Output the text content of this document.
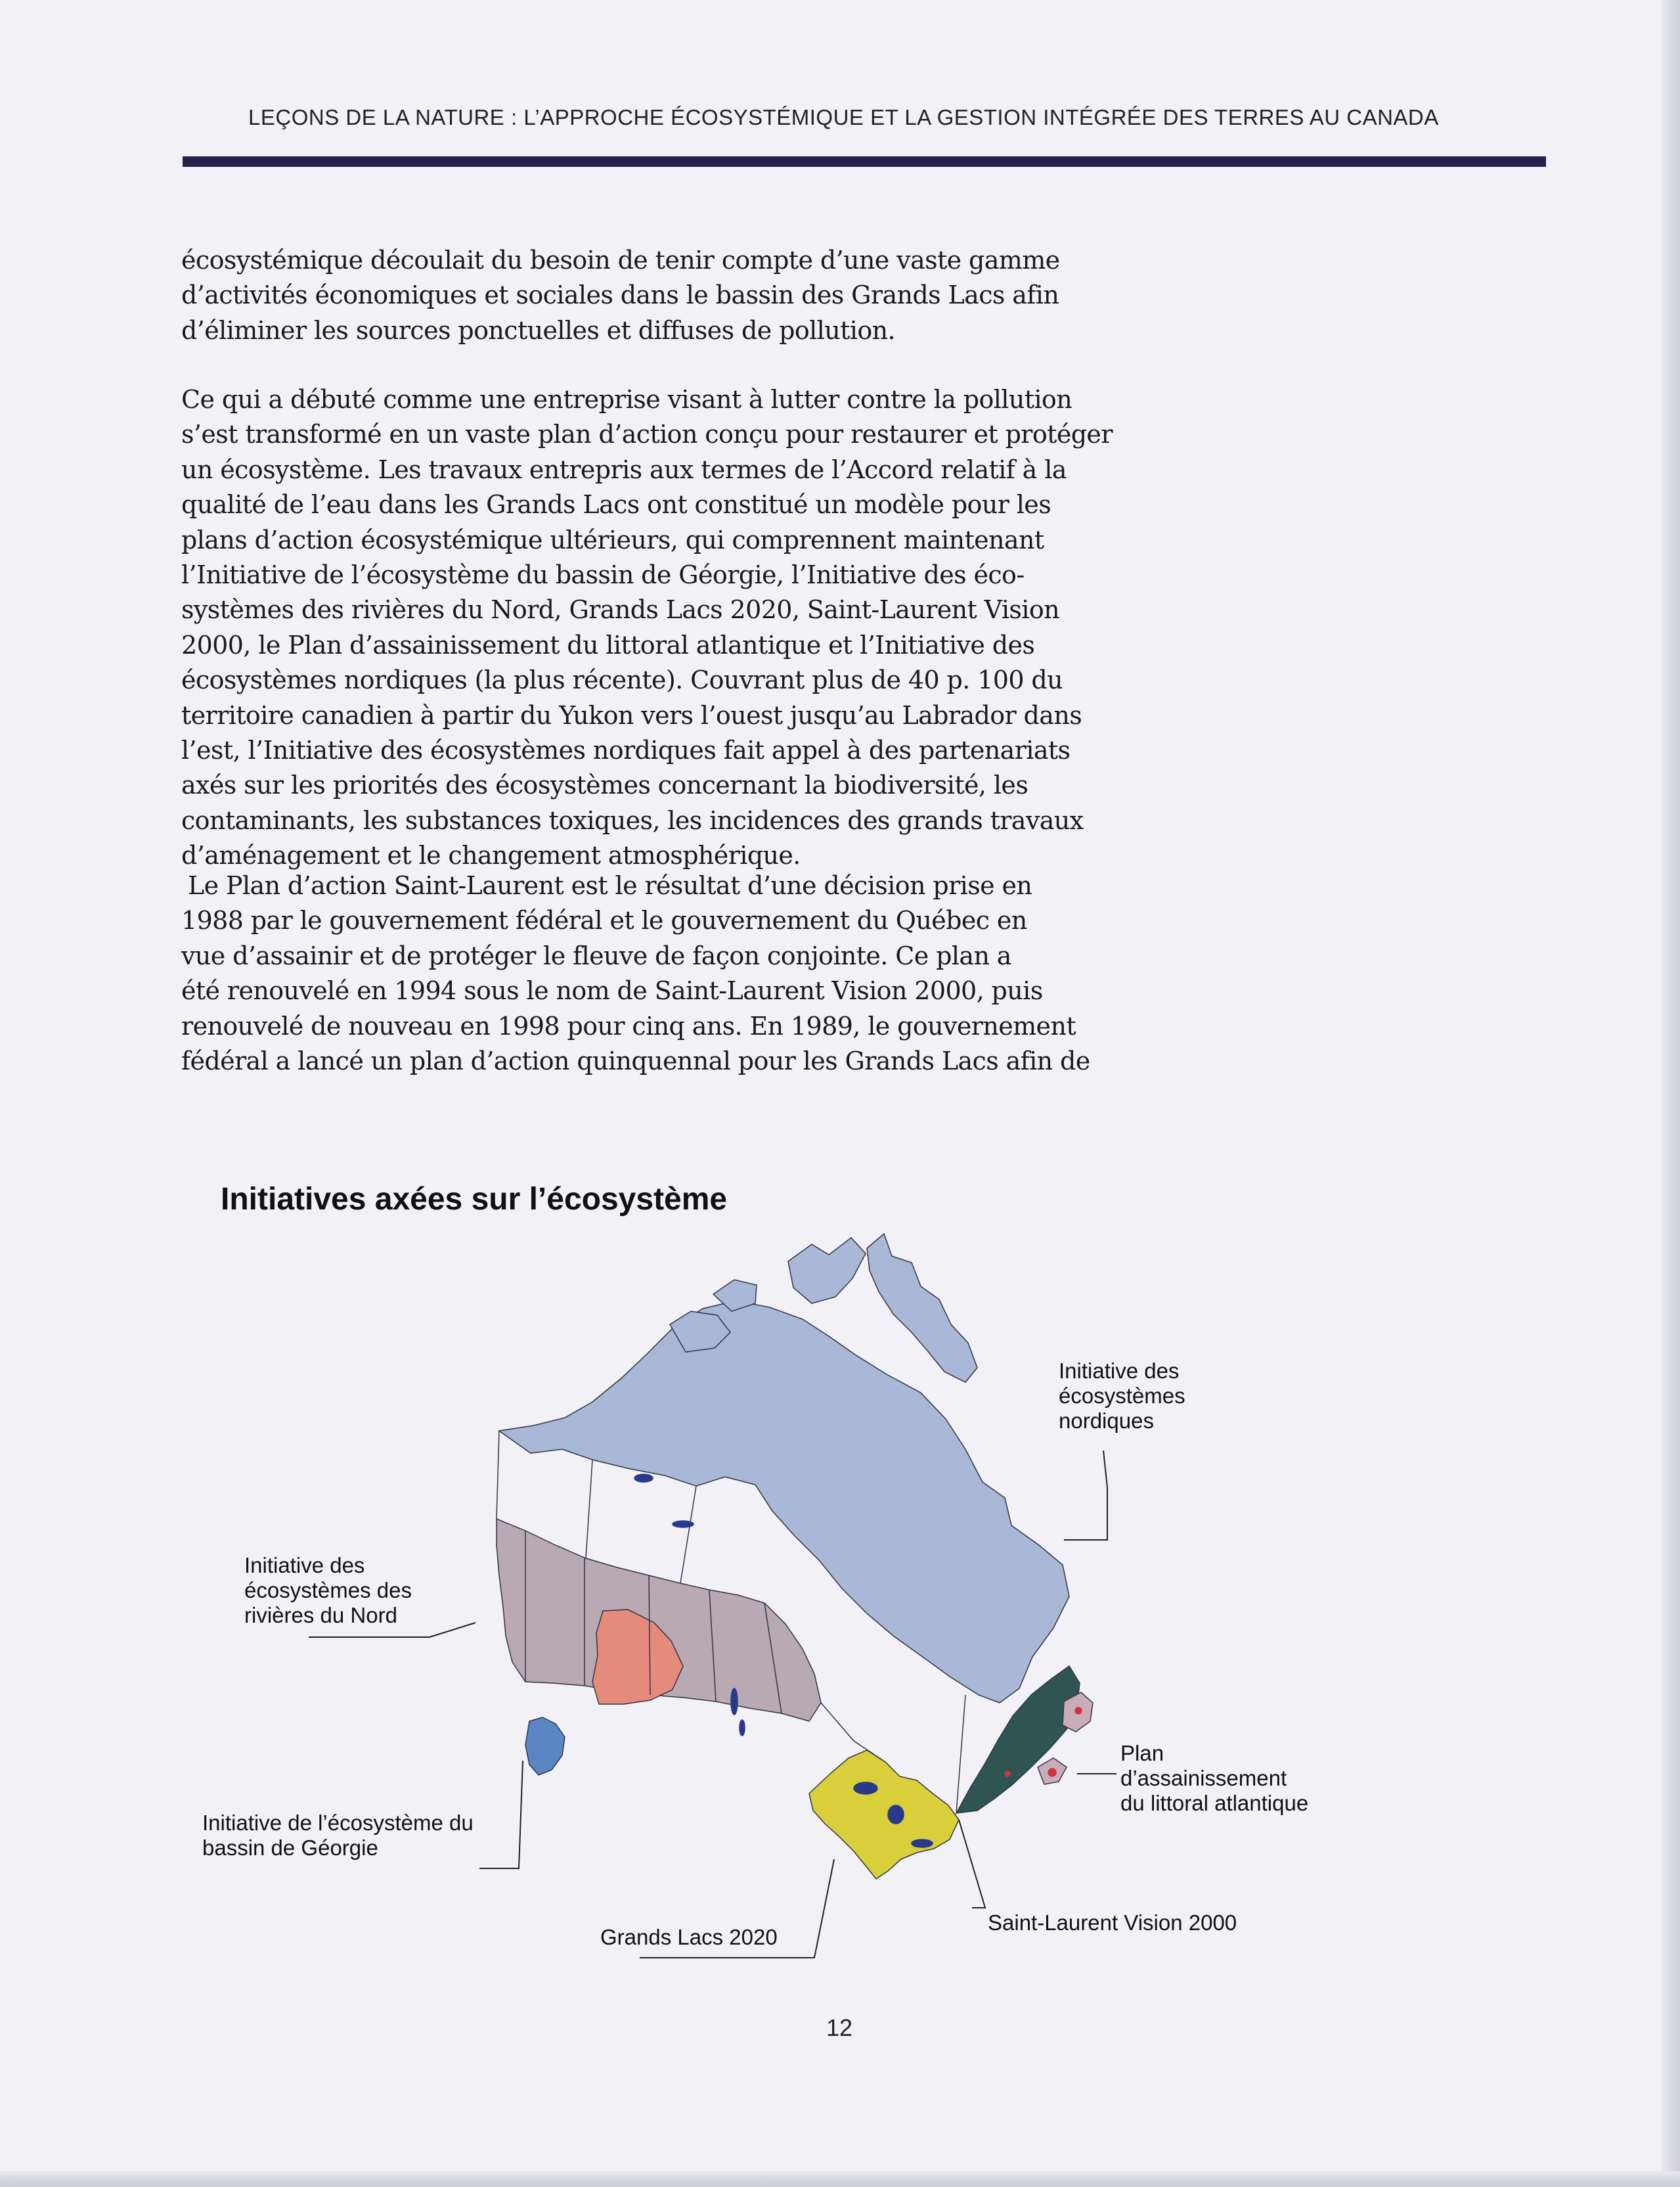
LEÇONS DE LA NATURE : L’APPROCHE ÉCOSYSTÉMIQUE ET LA GESTION INTÉGRÉE DES TERRES AU CANADA
écosystémique découlait du besoin de tenir compte d’une vaste gamme
d’activités économiques et sociales dans le bassin des Grands Lacs afin
d’éliminer les sources ponctuelles et diffuses de pollution.
Ce qui a débuté comme une entreprise visant à lutter contre la pollution
s’est transformé en un vaste plan d’action conçu pour restaurer et protéger
un écosystème. Les travaux entrepris aux termes de l’Accord relatif à la
qualité de l’eau dans les Grands Lacs ont constitué un modèle pour les
plans d’action écosystémique ultérieurs, qui comprennent maintenant
l’Initiative de l’écosystème du bassin de Géorgie, l’Initiative des éco-
systèmes des rivières du Nord, Grands Lacs 2020, Saint-Laurent Vision
2000, le Plan d’assainissement du littoral atlantique et l’Initiative des
écosystèmes nordiques (la plus récente). Couvrant plus de 40 p. 100 du
territoire canadien à partir du Yukon vers l’ouest jusqu’au Labrador dans
l’est, l’Initiative des écosystèmes nordiques fait appel à des partenariats
axés sur les priorités des écosystèmes concernant la biodiversité, les
contaminants, les substances toxiques, les incidences des grands travaux
d’aménagement et le changement atmosphérique.
Le Plan d’action Saint-Laurent est le résultat d’une décision prise en
1988 par le gouvernement fédéral et le gouvernement du Québec en
vue d’assainir et de protéger le fleuve de façon conjointe. Ce plan a
été renouvelé en 1994 sous le nom de Saint-Laurent Vision 2000, puis
renouvelé de nouveau en 1998 pour cinq ans. En 1989, le gouvernement
fédéral a lancé un plan d’action quinquennal pour les Grands Lacs afin de
Initiatives axées sur l’écosystème
Initiative des
écosystèmes
nordiques
Initiative des
écosystèmes des
rivières du Nord
Initiative de l’écosystème du
bassin de Géorgie
Grands Lacs 2020
Saint-Laurent Vision 2000
Plan
d’assainissement
du littoral atlantique
12
